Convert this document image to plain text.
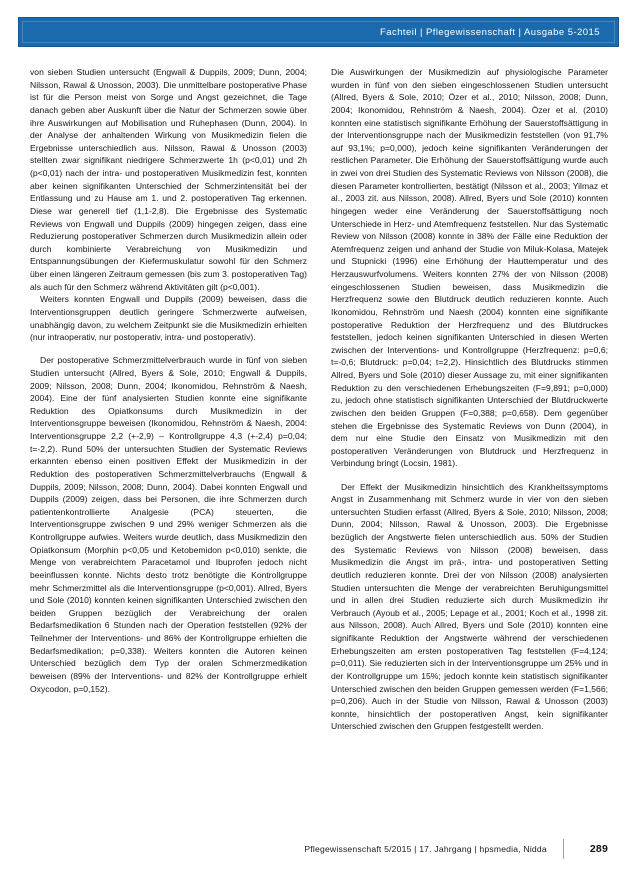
Fachteil | Pflegewissenschaft | Ausgabe 5-2015

von sieben Studien untersucht (Engwall & Duppils, 2009; Dunn, 2004; Nilsson, Rawal & Unosson, 2003). Die unmittelbare postoperative Phase ist für die Person meist von Sorge und Angst gezeichnet, die Tage danach geben aber Auskunft über die Natur der Schmerzen sowie über ihre Auswirkungen auf Mobilisation und Ruhephasen (Dunn, 2004). In der Analyse der anhaltenden Wirkung von Musikmedizin fielen die Ergebnisse unterschiedlich aus. Nilsson, Rawal & Unosson (2003) stellten zwar signifikant niedrigere Schmerzwerte 1h (p<0,01) und 2h (p<0,01) nach der intra- und postoperativen Musikmedizin fest, konnten aber keinen signifikanten Unterschied der Schmerzintensität bei der Entlassung und zu Hause am 1. und 2. postoperativen Tag erkennen. Diese war generell tief (1,1-2,8). Die Ergebnisse des Systematic Reviews von Engwall und Duppils (2009) hingegen zeigen, dass eine Reduzierung postoperativer Schmerzen durch Musikmedizin allein oder durch kombinierte Verabreichung von Musikmedizin und Entspannungsübungen der Kiefermuskulatur sowohl für den Schmerz über einen längeren Zeitraum gemessen (bis zum 3. postoperativen Tag) als auch für den Schmerz während Aktivitäten gilt (p<0,001).

Weiters konnten Engwall und Duppils (2009) beweisen, dass die Interventionsgruppen deutlich geringere Schmerzwerte aufweisen, unabhängig davon, zu welchem Zeitpunkt sie die Musikmedizin erhielten (nur intraoperativ, nur postoperativ, intra- und postoperativ).

Der postoperative Schmerzmittelverbrauch wurde in fünf von sieben Studien untersucht (Allred, Byers & Sole, 2010; Engwall & Duppils, 2009; Nilsson, 2008; Dunn, 2004; Ikonomidou, Rehnström & Naesh, 2004). Eine der fünf analysierten Studien konnte eine signifikante Reduktion des Opiatkonsums durch Musikmedizin in der Interventionsgruppe beweisen (Ikonomidou, Rehnström & Naesh, 2004: Interventionsgruppe 2,2 (+-2,9) – Kontrollgruppe 4,3 (+-2,4) p=0,04; t=-2,2). Rund 50% der untersuchten Studien der Systematic Reviews erkannten ebenso einen positiven Effekt der Musikmedizin in der Reduktion des postoperativen Schmerzmittelverbrauchs (Engwall & Duppils, 2009; Nilsson, 2008; Dunn, 2004). Dabei konnten Engwall und Duppils (2009) zeigen, dass bei Personen, die ihre Schmerzen durch patientenkontrollierte Analgesie (PCA) steuerten, die Interventionsgruppe zwischen 9 und 29% weniger Schmerzen als die Kontrollgruppe aufwies. Weiters wurde deutlich, dass Musikmedizin den Opiatkonsum (Morphin p<0,05 und Ketobemidon p<0,010) senkte, die Menge von verabreichtem Paracetamol und Ibuprofen jedoch nicht beeinflussen konnte. Nichts desto trotz benötigte die Kontrollgruppe mehr Schmerzmittel als die Interventionsgruppe (p<0,001). Allred, Byers und Sole (2010) konnten keinen signifikanten Unterschied zwischen den beiden Gruppen bezüglich der Verabreichung der oralen Bedarfsmedikation 6 Stunden nach der Operation feststellen (92% der Teilnehmer der Interventions- und 86% der Kontrollgruppe erhielten die Bedarfsmedikation; p=0,338). Weiters konnten die Autoren keinen Unterschied bezüglich dem Typ der oralen Schmerzmedikation beweisen (89% der Interventions- und 82% der Kontrollgruppe erhielt Oxycodon, p=0,152).

Die Auswirkungen der Musikmedizin auf physiologische Parameter wurden in fünf von den sieben eingeschlossenen Studien untersucht (Allred, Byers & Sole, 2010; Özer et al., 2010; Nilsson, 2008; Dunn, 2004; Ikonomidou, Rehnström & Naesh, 2004). Özer et al. (2010) konnten eine statistisch signifikante Erhöhung der Sauerstoffsättigung in der Interventionsgruppe nach der Musikmedizin feststellen (von 91,7% auf 93,1%; p=0,000), jedoch keine signifikanten Veränderungen der restlichen Parameter. Die Erhöhung der Sauerstoffsättigung wurde auch in zwei von drei Studien des Systematic Reviews von Nilsson (2008), die diesen Parameter kontrollierten, bestätigt (Nilsson et al., 2003; Yilmaz et al., 2003 zit. aus Nilsson, 2008). Allred, Byers und Sole (2010) konnten hingegen weder eine Veränderung der Sauerstoffsättigung noch Unterschiede in Herz- und Atemfrequenz feststellen. Nur das Systematic Review von Nilsson (2008) konnte in 38% der Fälle eine Reduktion der Atemfrequenz zeigen und anhand der Studie von Miluk-Kolasa, Matejek und Stupnicki (1996) eine Erhöhung der Hauttemperatur und des Herzauswurfvolumens. Weiters konnten 27% der von Nilsson (2008) eingeschlossenen Studien beweisen, dass Musikmedizin die Herzfrequenz sowie den Blutdruck deutlich reduzieren konnte. Auch Ikonomidou, Rehnström und Naesh (2004) konnten eine signifikante postoperative Reduktion der Herzfrequenz und des Blutdruckes feststellen, jedoch keinen signifikanten Unterschied in diesen Werten zwischen der Interventions- und Kontrollgruppe (Herzfrequenz: p=0,6; t=-0,6; Blutdruck: p=0,04; t=2,2). Hinsichtlich des Blutdrucks stimmen Allred, Byers und Sole (2010) dieser Aussage zu, mit einer signifikanten Reduktion zu den verschiedenen Erhebungszeiten (F=9,891; p=0,000) zu, jedoch ohne statistisch signifikanten Unterschied der Blutdruckwerte zwischen den beiden Gruppen (F=0,388; p=0,658). Dem gegenüber stehen die Ergebnisse des Systematic Reviews von Dunn (2004), in dem nur eine Studie den Einsatz von Musikmedizin mit den postoperativen Veränderungen von Blutdruck und Herzfrequenz in Verbindung bringt (Locsin, 1981).

Der Effekt der Musikmedizin hinsichtlich des Krankheitssymptoms Angst in Zusammenhang mit Schmerz wurde in vier von den sieben untersuchten Studien erfasst (Allred, Byers & Sole, 2010; Nilsson, 2008; Dunn, 2004; Nilsson, Rawal & Unosson, 2003). Die Ergebnisse bezüglich der Angstwerte fielen unterschiedlich aus. 50% der Studien des Systematic Reviews von Nilsson (2008) beweisen, dass Musikmedizin die Angst im prä-, intra- und postoperativen Setting deutlich reduzieren konnte. Drei der von Nilsson (2008) analysierten Studien untersuchten die Menge der verabreichten Beruhigungsmittel und in allen drei Studien reduzierte sich durch Musikmedizin ihr Verbrauch (Ayoub et al., 2005; Lepage et al., 2001; Koch et al., 1998 zit. aus Nilsson, 2008). Auch Allred, Byers und Sole (2010) konnten eine signifikante Reduktion der Angstwerte während der verschiedenen Erhebungszeiten am ersten postoperativen Tag feststellen (F=4,124; p=0,011). Sie reduzierten sich in der Interventionsgruppe um 25% und in der Kontrollgruppe um 15%; jedoch konnte kein statistisch signifikanter Unterschied zwischen den beiden Gruppen gemessen werden (F=1,566; p=0,206). Auch in der Studie von Nilsson, Rawal & Unosson (2003) konnte, hinsichtlich der postoperativen Angst, kein signifikanter Unterschied zwischen den Gruppen festgestellt werden.

Pflegewissenschaft 5/2015 | 17. Jahrgang | hpsmedia, Nidda	289
